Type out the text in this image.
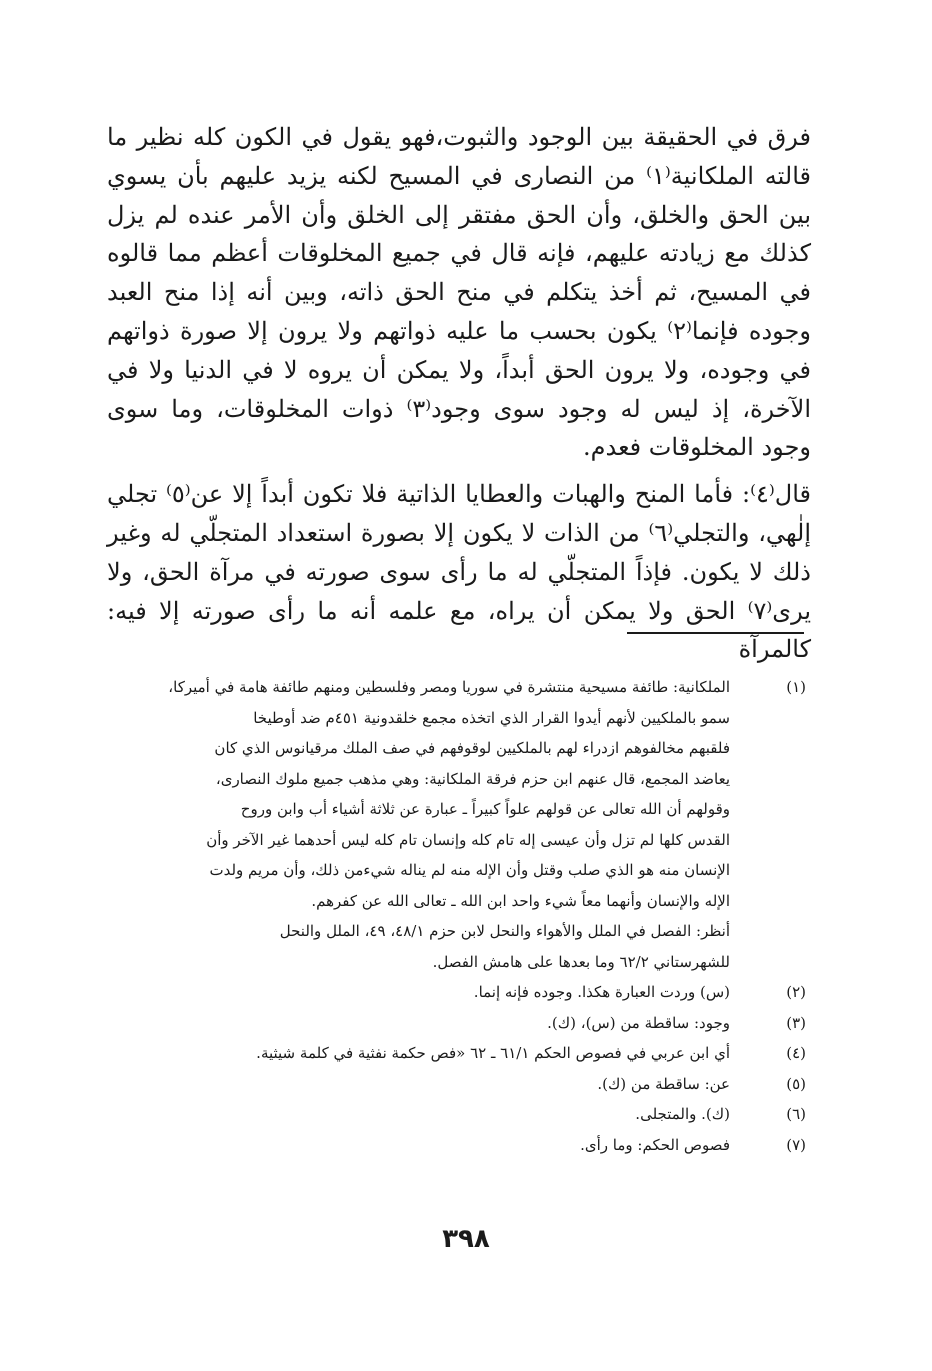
فرق في الحقيقة بين الوجود والثبوت،فهو يقول في الكون كله نظير ما قالته الملكانية⁽١⁾ من النصارى في المسيح لكنه يزيد عليهم بأن يسوي بين الحق والخلق، وأن الحق مفتقر إلى الخلق وأن الأمر عنده لم يزل كذلك مع زيادته عليهم، فإنه قال في جميع المخلوقات أعظم مما قالوه في المسيح، ثم أخذ يتكلم في منح الحق ذاته، وبين أنه إذا منح العبد وجوده فإنما⁽٢⁾ يكون بحسب ما عليه ذواتهم ولا يرون إلا صورة ذواتهم في وجوده، ولا يرون الحق أبداً، ولا يمكن أن يروه لا في الدنيا ولا في الآخرة، إذ ليس له وجود سوى وجود⁽٣⁾ ذوات المخلوقات، وما سوى وجود المخلوقات فعدم.

قال⁽٤⁾: فأما المنح والهبات والعطايا الذاتية فلا تكون أبداً إلا عن⁽٥⁾ تجلي إلٰهي، والتجلي⁽٦⁾ من الذات لا يكون إلا بصورة استعداد المتجلّي له وغير ذلك لا يكون. فإذاً المتجلّي له ما رأى سوى صورته في مرآة الحق، ولا يرى⁽٧⁾ الحق ولا يمكن أن يراه، مع علمه أنه ما رأى صورته إلا فيه: كالمرآة

(١)
الملكانية: طائفة مسيحية منتشرة في سوريا ومصر وفلسطين ومنهم طائفة هامة في أميركا،
سمو بالملكيين لأنهم أيدوا القرار الذي اتخذه مجمع خلقدونية ٤٥١م ضد أوطيخا
فلقبهم مخالفوهم ازدراء لهم بالملكيين لوقوفهم في صف الملك مرقيانوس الذي كان
يعاضد المجمع، قال عنهم ابن حزم فرقة الملكانية: وهي مذهب جميع ملوك النصارى،
وقولهم أن الله تعالى عن قولهم علواً كبيراً ـ عبارة عن ثلاثة أشياء أب وابن وروح
القدس كلها لم تزل وأن عيسى إله تام كله وإنسان تام كله ليس أحدهما غير الآخر وأن
الإنسان منه هو الذي صلب وقتل وأن الإله منه لم يناله شيءمن ذلك، وأن مريم ولدت
الإله والإنسان وأنهما معاً شيء واحد ابن الله ـ تعالى الله عن كفرهم.
أنظر: الفصل في الملل والأهواء والنحل لابن حزم ٤٨/١، ٤٩، الملل والنحل
للشهرستاني ٦٢/٢ وما بعدها على هامش الفصل.
(٢)
(س) وردت العبارة هكذا. وجوده فإنه إنما.
(٣)
وجود: ساقطة من (س)، (ك).
(٤)
أي ابن عربي في فصوص الحكم ٦١/١ ـ ٦٢ «فص حكمة نفثية في كلمة شيثية.
(٥)
عن: ساقطة من (ك).
(٦)
(ك). والمتجلى.
(٧)
فصوص الحكم: وما رأى.
٣٩٨
